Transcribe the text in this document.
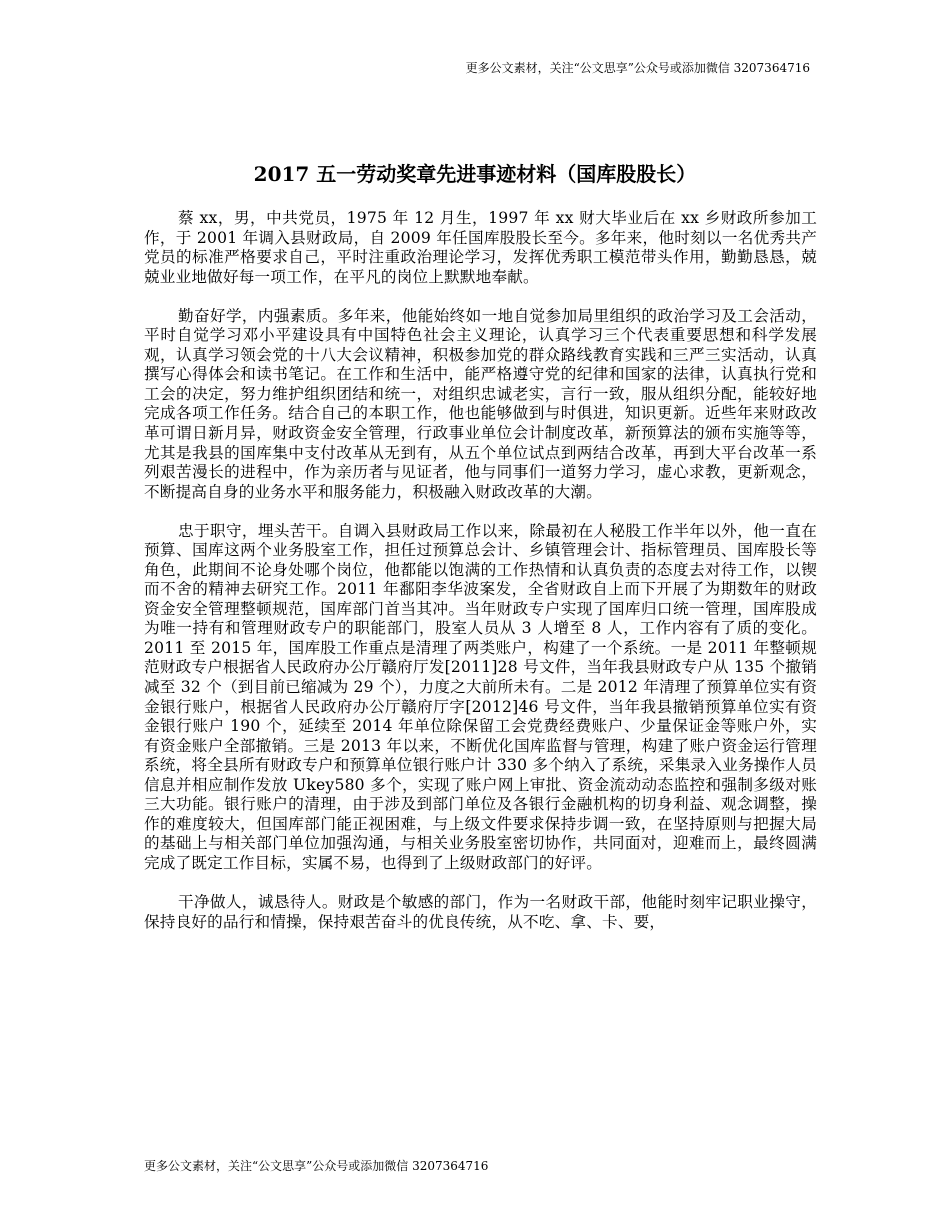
更多公文素材，关注“公文思享”公众号或添加微信 3207364716
2017 五一劳动奖章先进事迹材料（国库股股长）

蔡 xx，男，中共党员，1975 年 12 月生，1997 年 xx 财大毕业后在 xx 乡财政所参加工作，于 2001 年调入县财政局，自 2009 年任国库股股长至今。多年来，他时刻以一名优秀共产党员的标准严格要求自己，平时注重政治理论学习，发挥优秀职工模范带头作用，勤勤恳恳，兢兢业业地做好每一项工作，在平凡的岗位上默默地奉献。

勤奋好学，内强素质。多年来，他能始终如一地自觉参加局里组织的政治学习及工会活动，平时自觉学习邓小平建设具有中国特色社会主义理论，认真学习三个代表重要思想和科学发展观，认真学习领会党的十八大会议精神，积极参加党的群众路线教育实践和三严三实活动，认真撰写心得体会和读书笔记。在工作和生活中，能严格遵守党的纪律和国家的法律，认真执行党和工会的决定，努力维护组织团结和统一，对组织忠诚老实，言行一致，服从组织分配，能较好地完成各项工作任务。结合自己的本职工作，他也能够做到与时俱进，知识更新。近些年来财政改革可谓日新月异，财政资金安全管理，行政事业单位会计制度改革，新预算法的颁布实施等等，尤其是我县的国库集中支付改革从无到有，从五个单位试点到两结合改革，再到大平台改革一系列艰苦漫长的进程中，作为亲历者与见证者，他与同事们一道努力学习，虚心求教，更新观念，不断提高自身的业务水平和服务能力，积极融入财政改革的大潮。

忠于职守，埋头苦干。自调入县财政局工作以来，除最初在人秘股工作半年以外，他一直在预算、国库这两个业务股室工作，担任过预算总会计、乡镇管理会计、指标管理员、国库股长等角色，此期间不论身处哪个岗位，他都能以饱满的工作热情和认真负责的态度去对待工作，以锲而不舍的精神去研究工作。2011 年鄱阳李华波案发，全省财政自上而下开展了为期数年的财政资金安全管理整顿规范，国库部门首当其冲。当年财政专户实现了国库归口统一管理，国库股成为唯一持有和管理财政专户的职能部门，股室人员从 3 人增至 8 人，工作内容有了质的变化。2011 至 2015 年，国库股工作重点是清理了两类账户，构建了一个系统。一是 2011 年整顿规范财政专户根据省人民政府办公厅赣府厅发[2011]28 号文件，当年我县财政专户从 135 个撤销减至 32 个（到目前已缩减为 29 个），力度之大前所未有。二是 2012 年清理了预算单位实有资金银行账户，根据省人民政府办公厅赣府厅字[2012]46 号文件，当年我县撤销预算单位实有资金银行账户 190 个，延续至 2014 年单位除保留工会党费经费账户、少量保证金等账户外，实有资金账户全部撤销。三是 2013 年以来，不断优化国库监督与管理，构建了账户资金运行管理系统，将全县所有财政专户和预算单位银行账户计 330 多个纳入了系统，采集录入业务操作人员信息并相应制作发放 Ukey580 多个，实现了账户网上审批、资金流动动态监控和强制多级对账三大功能。银行账户的清理，由于涉及到部门单位及各银行金融机构的切身利益、观念调整，操作的难度较大，但国库部门能正视困难，与上级文件要求保持步调一致，在坚持原则与把握大局的基础上与相关部门单位加强沟通，与相关业务股室密切协作，共同面对，迎难而上，最终圆满完成了既定工作目标，实属不易，也得到了上级财政部门的好评。

干净做人，诚恳待人。财政是个敏感的部门，作为一名财政干部，他能时刻牢记职业操守，保持良好的品行和情操，保持艰苦奋斗的优良传统，从不吃、拿、卡、要，

更多公文素材，关注“公文思享”公众号或添加微信 3207364716
